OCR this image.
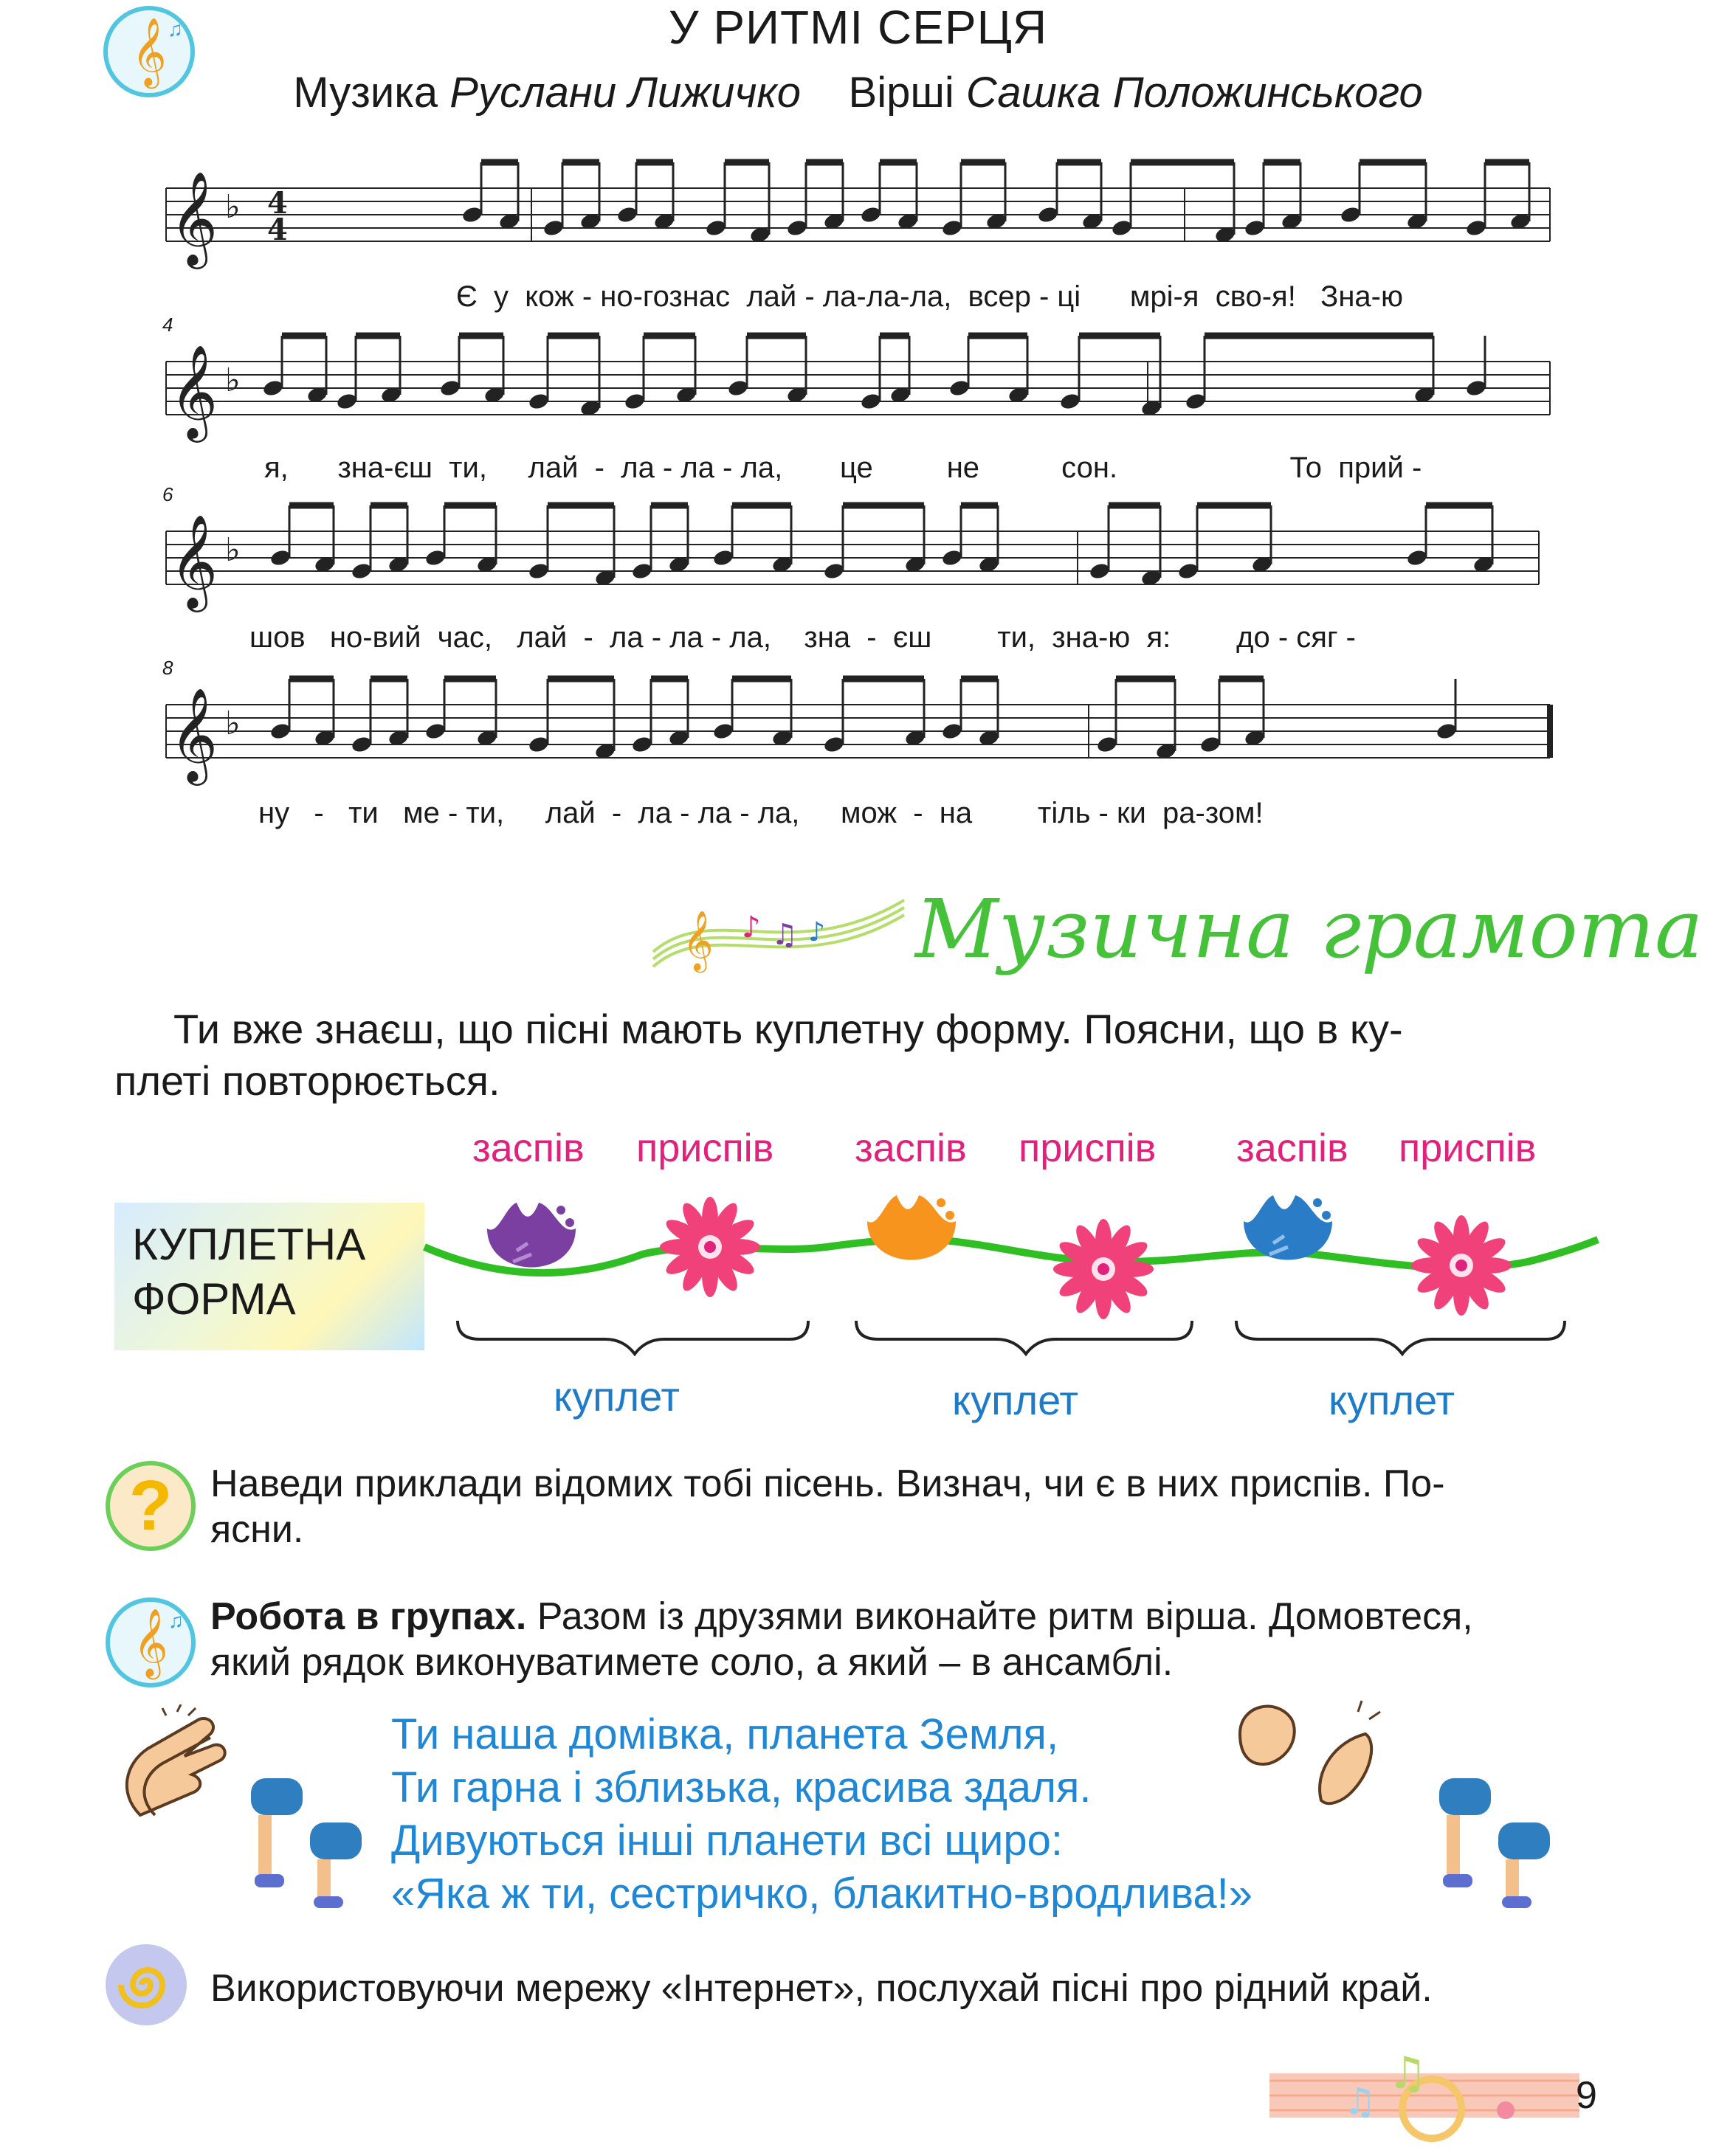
У РИТМІ СЕРЦЯ
Музика Руслани Лижичко Вірші Сашка Положинського
𝄞 ♫
𝄞 ♭ 4
4
𝄞 ♭
𝄞 ♭
𝄞 ♭
4
6
8
Є  у  кож - но-гознас  лай - ла-ла-ла,  всер - ці      мрі-я  сво-я!   Зна-ю
я,      зна-єш  ти,     лай  -  ла - ла - ла,       це         не          сон.                     То  прий -
шов   но-вий  час,   лай  -  ла - ла - ла,    зна  -  єш        ти,  зна-ю  я:        до - сяг -
ну   -   ти   ме - ти,     лай  -  ла - ла - ла,     мож  -  на        тіль - ки  ра-зом!
𝄞 ♪ ♫ ♪ Музична грамота
Ти вже знаєш, що пісні мають куплетну форму. Поясни, що в ку-
плеті повторюється.
заспів приспів заспів приспів заспів приспів
КУПЛЕТНА
ФОРМА
куплет	куплет	куплет
? Наведи приклади відомих тобі пісень. Визнач, чи є в них приспів. По-
ясни.
𝄞 ♫ Робота в групах. Разом із друзями виконайте ритм вірша. Домовтеся,
який рядок виконуватимете соло, а який – в ансамблі.
Ти наша домівка, планета Земля,
Ти гарна і зблизька, красива здаля.
Дивуються інші планети всі щиро:
«Яка ж ти, сестричко, блакитно-вродлива!»
Використовуючи мережу «Інтернет», послухай пісні про рідний край.
♫
♫	9
